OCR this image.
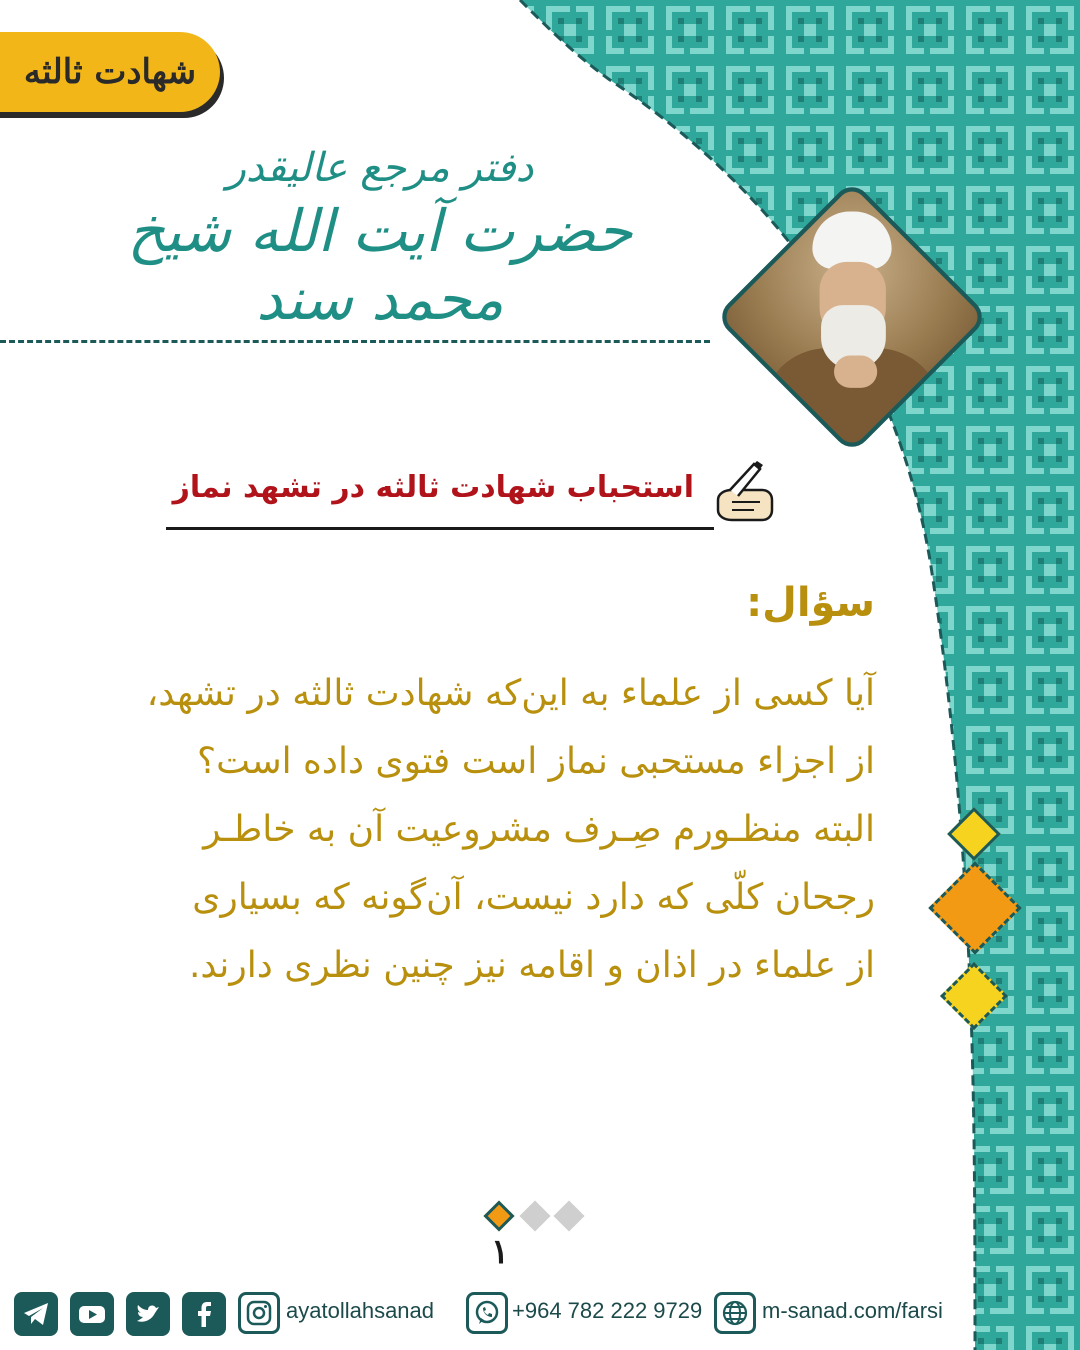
شهادت ثالثه
دفتر مرجع عالیقدر
حضرت آیت الله شیخ محمد سند
استحباب شهادت ثالثه در تشهد نماز
سؤال:

آیا کسی از علماء به این‌که شهادت ثالثه در تشهد،

از اجزاء مستحبی نماز است فتوی داده است؟

البته منظـورم صِـرف مشروعیت آن به خاطـر

رجحان کلّی که دارد نیست، آن‌گونه که بسیاری

از علماء در اذان و اقامه نیز چنین نظری دارند.

۱
ayatollahsanad	+964 782 222 9729	m-sanad.com/farsi
